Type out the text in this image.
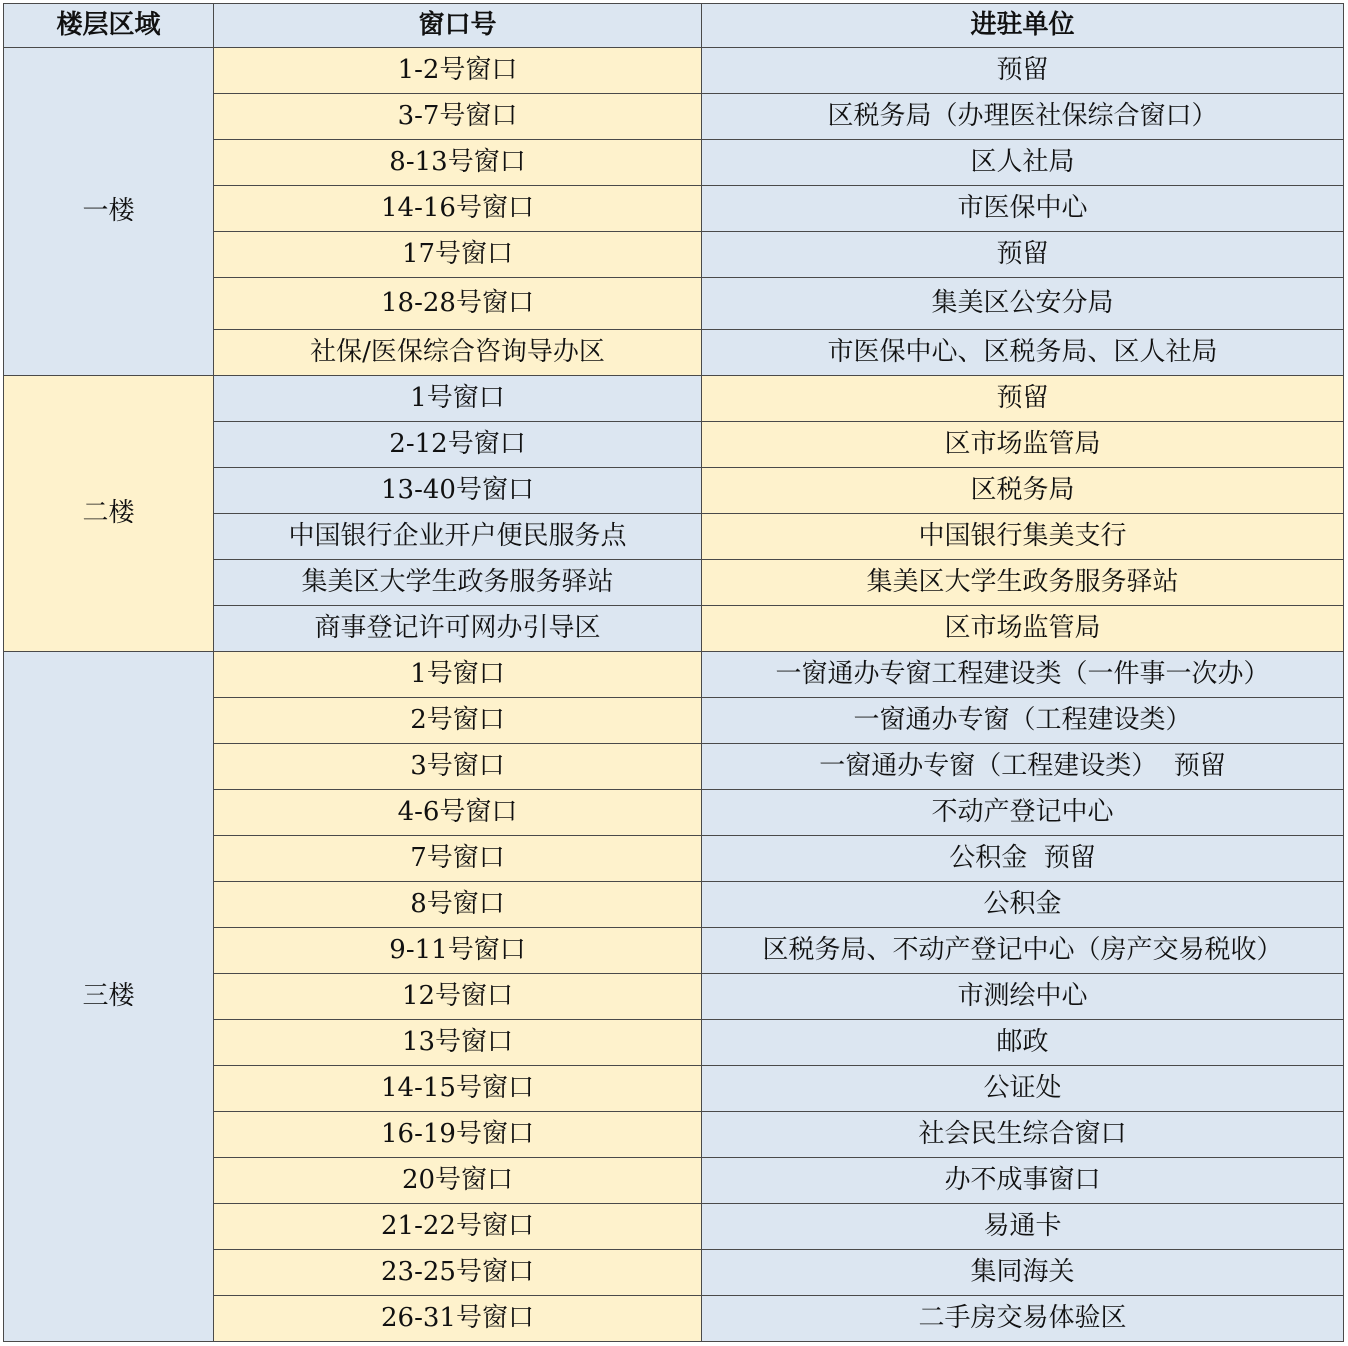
楼层区域	窗口号	进驻单位
一楼	1-2号窗口	预留
	3-7号窗口	区税务局（办理医社保综合窗口）
	8-13号窗口	区人社局
	14-16号窗口	市医保中心
	17号窗口	预留
	18-28号窗口	集美区公安分局
	社保/医保综合咨询导办区	市医保中心、区税务局、区人社局
二楼	1号窗口	预留
	2-12号窗口	区市场监管局
	13-40号窗口	区税务局
	中国银行企业开户便民服务点	中国银行集美支行
	集美区大学生政务服务驿站	集美区大学生政务服务驿站
	商事登记许可网办引导区	区市场监管局
三楼	1号窗口	一窗通办专窗工程建设类（一件事一次办）
	2号窗口	一窗通办专窗（工程建设类）
	3号窗口	一窗通办专窗（工程建设类）  预留
	4-6号窗口	不动产登记中心
	7号窗口	公积金  预留
	8号窗口	公积金
	9-11号窗口	区税务局、不动产登记中心（房产交易税收）
	12号窗口	市测绘中心
	13号窗口	邮政
	14-15号窗口	公证处
	16-19号窗口	社会民生综合窗口
	20号窗口	办不成事窗口
	21-22号窗口	易通卡
	23-25号窗口	集同海关
	26-31号窗口	二手房交易体验区
